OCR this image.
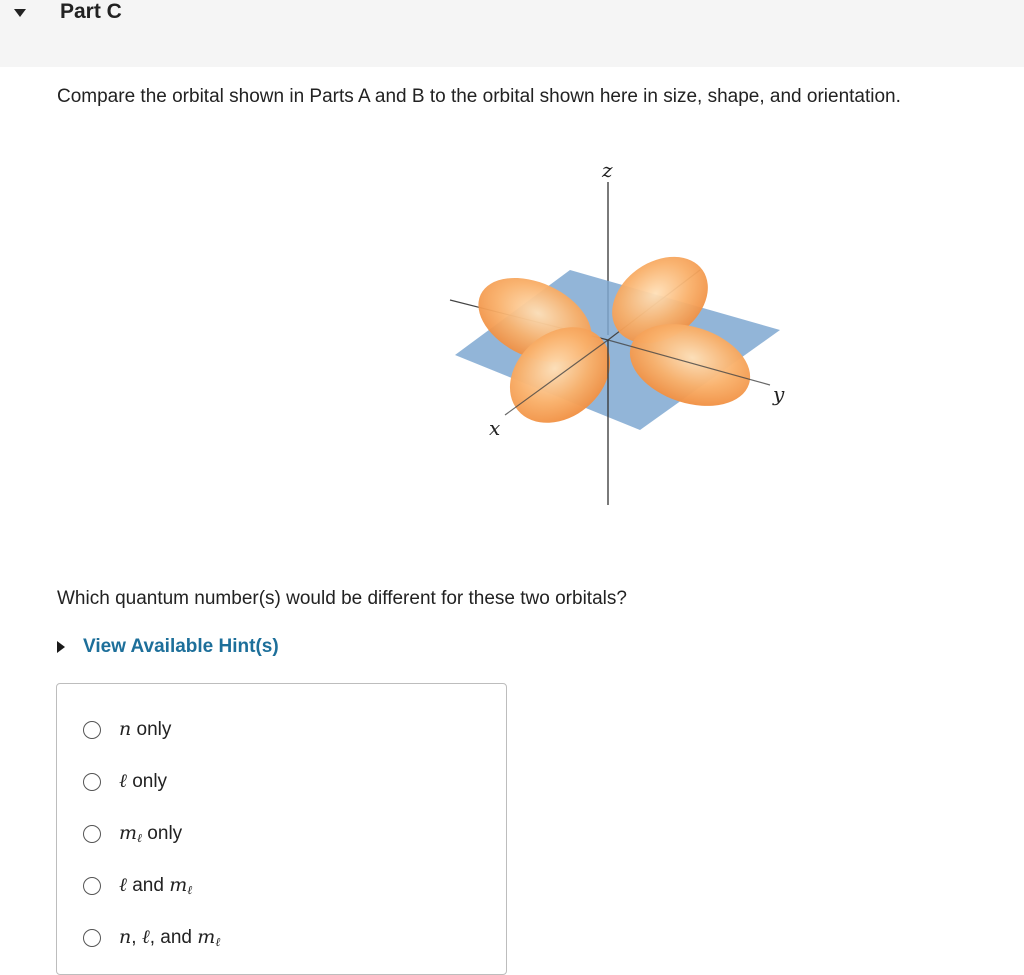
Part C
Compare the orbital shown in Parts A and B to the orbital shown here in size, shape, and orientation.
z
y
x
Which quantum number(s) would be different for these two orbitals?
View Available Hint(s)
n only
ℓ only
$m_\ell$ only
ℓ and $m_\ell$
n, ℓ, and $m_\ell$
